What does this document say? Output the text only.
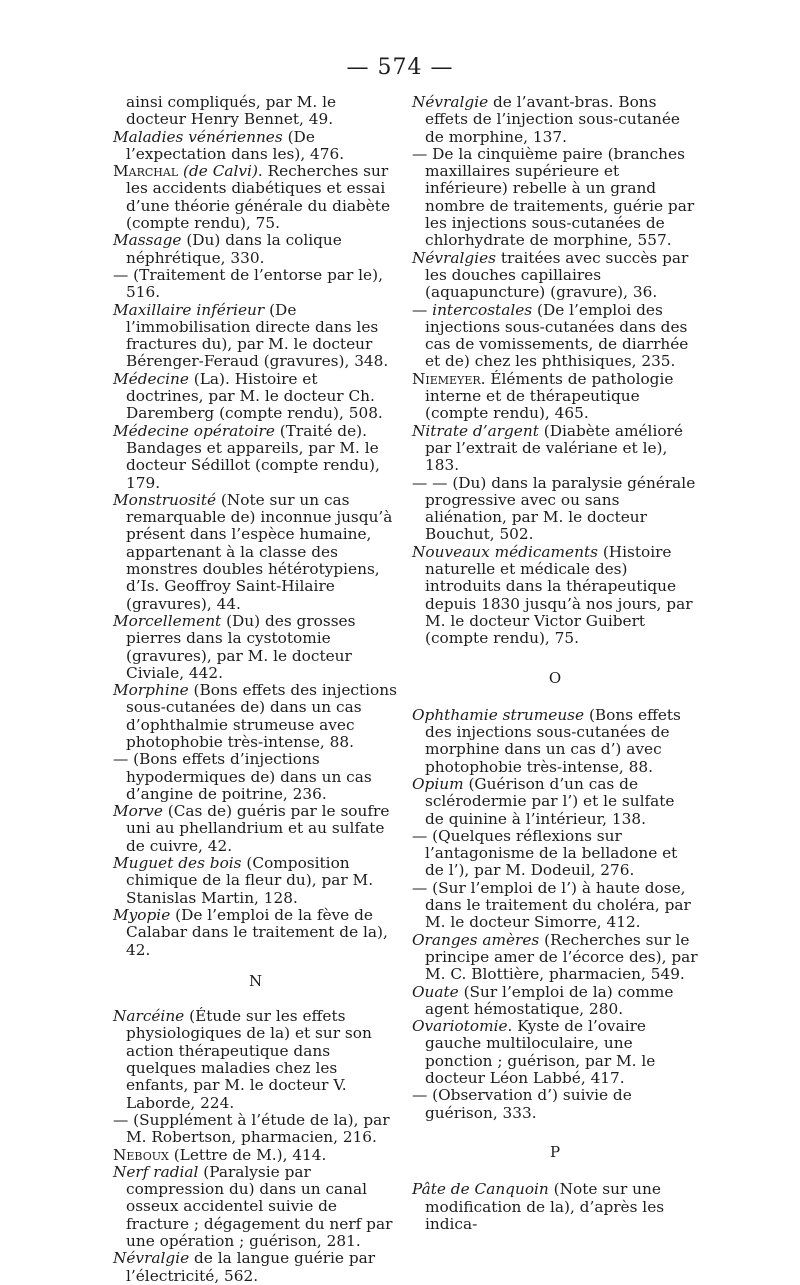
— 574 —

ainsi compliqués, par M. le docteur Henry Bennet, 49.

Maladies vénériennes (De l’expectation dans les), 476.

Marchal (de Calvi). Recherches sur les accidents diabétiques et essai d’une théorie générale du diabète (compte rendu), 75.

Massage (Du) dans la colique néphrétique, 330.

— (Traitement de l’entorse par le), 516.

Maxillaire inférieur (De l’immobilisation directe dans les fractures du), par M. le docteur Bérenger-Feraud (gravures), 348.

Médecine (La). Histoire et doctrines, par M. le docteur Ch. Daremberg (compte rendu), 508.

Médecine opératoire (Traité de). Bandages et appareils, par M. le docteur Sédillot (compte rendu), 179.

Monstruosité (Note sur un cas remarquable de) inconnue jusqu’à présent dans l’espèce humaine, appartenant à la classe des monstres doubles hétérotypiens, d’Is. Geoffroy Saint-Hilaire (gravures), 44.

Morcellement (Du) des grosses pierres dans la cystotomie (gravures), par M. le docteur Civiale, 442.

Morphine (Bons effets des injections sous-cutanées de) dans un cas d’ophthalmie strumeuse avec photophobie très-intense, 88.

— (Bons effets d’injections hypodermiques de) dans un cas d’angine de poitrine, 236.

Morve (Cas de) guéris par le soufre uni au phellandrium et au sulfate de cuivre, 42.

Muguet des bois (Composition chimique de la fleur du), par M. Stanislas Martin, 128.

Myopie (De l’emploi de la fève de Calabar dans le traitement de la), 42.

N

Narcéine (Étude sur les effets physiologiques de la) et sur son action thérapeutique dans quelques maladies chez les enfants, par M. le docteur V. Laborde, 224.

— (Supplément à l’étude de la), par M. Robertson, pharmacien, 216.

Neboux (Lettre de M.), 414.

Nerf radial (Paralysie par compression du) dans un canal osseux accidentel suivie de fracture ; dégagement du nerf par une opération ; guérison, 281.

Névralgie de la langue guérie par l’électricité, 562.

Névralgie de l’avant-bras. Bons effets de l’injection sous-cutanée de morphine, 137.

— De la cinquième paire (branches maxillaires supérieure et inférieure) rebelle à un grand nombre de traitements, guérie par les injections sous-cutanées de chlorhydrate de morphine, 557.

Névralgies traitées avec succès par les douches capillaires (aquapuncture) (gravure), 36.

— intercostales (De l’emploi des injections sous-cutanées dans des cas de vomissements, de diarrhée et de) chez les phthisiques, 235.

Niemeyer. Éléments de pathologie interne et de thérapeutique (compte rendu), 465.

Nitrate d’argent (Diabète amélioré par l’extrait de valériane et le), 183.

— — (Du) dans la paralysie générale progressive avec ou sans aliénation, par M. le docteur Bouchut, 502.

Nouveaux médicaments (Histoire naturelle et médicale des) introduits dans la thérapeutique depuis 1830 jusqu’à nos jours, par M. le docteur Victor Guibert (compte rendu), 75.

O

Ophthamie strumeuse (Bons effets des injections sous-cutanées de morphine dans un cas d’) avec photophobie très-intense, 88.

Opium (Guérison d’un cas de sclérodermie par l’) et le sulfate de quinine à l’intérieur, 138.

— (Quelques réflexions sur l’antagonisme de la belladone et de l’), par M. Dodeuil, 276.

— (Sur l’emploi de l’) à haute dose, dans le traitement du choléra, par M. le docteur Simorre, 412.

Oranges amères (Recherches sur le principe amer de l’écorce des), par M. C. Blottière, pharmacien, 549.

Ouate (Sur l’emploi de la) comme agent hémostatique, 280.

Ovariotomie. Kyste de l’ovaire gauche multiloculaire, une ponction ; guérison, par M. le docteur Léon Labbé, 417.

— (Observation d’) suivie de guérison, 333.

P

Pâte de Canquoin (Note sur une modification de la), d’après les indica-
